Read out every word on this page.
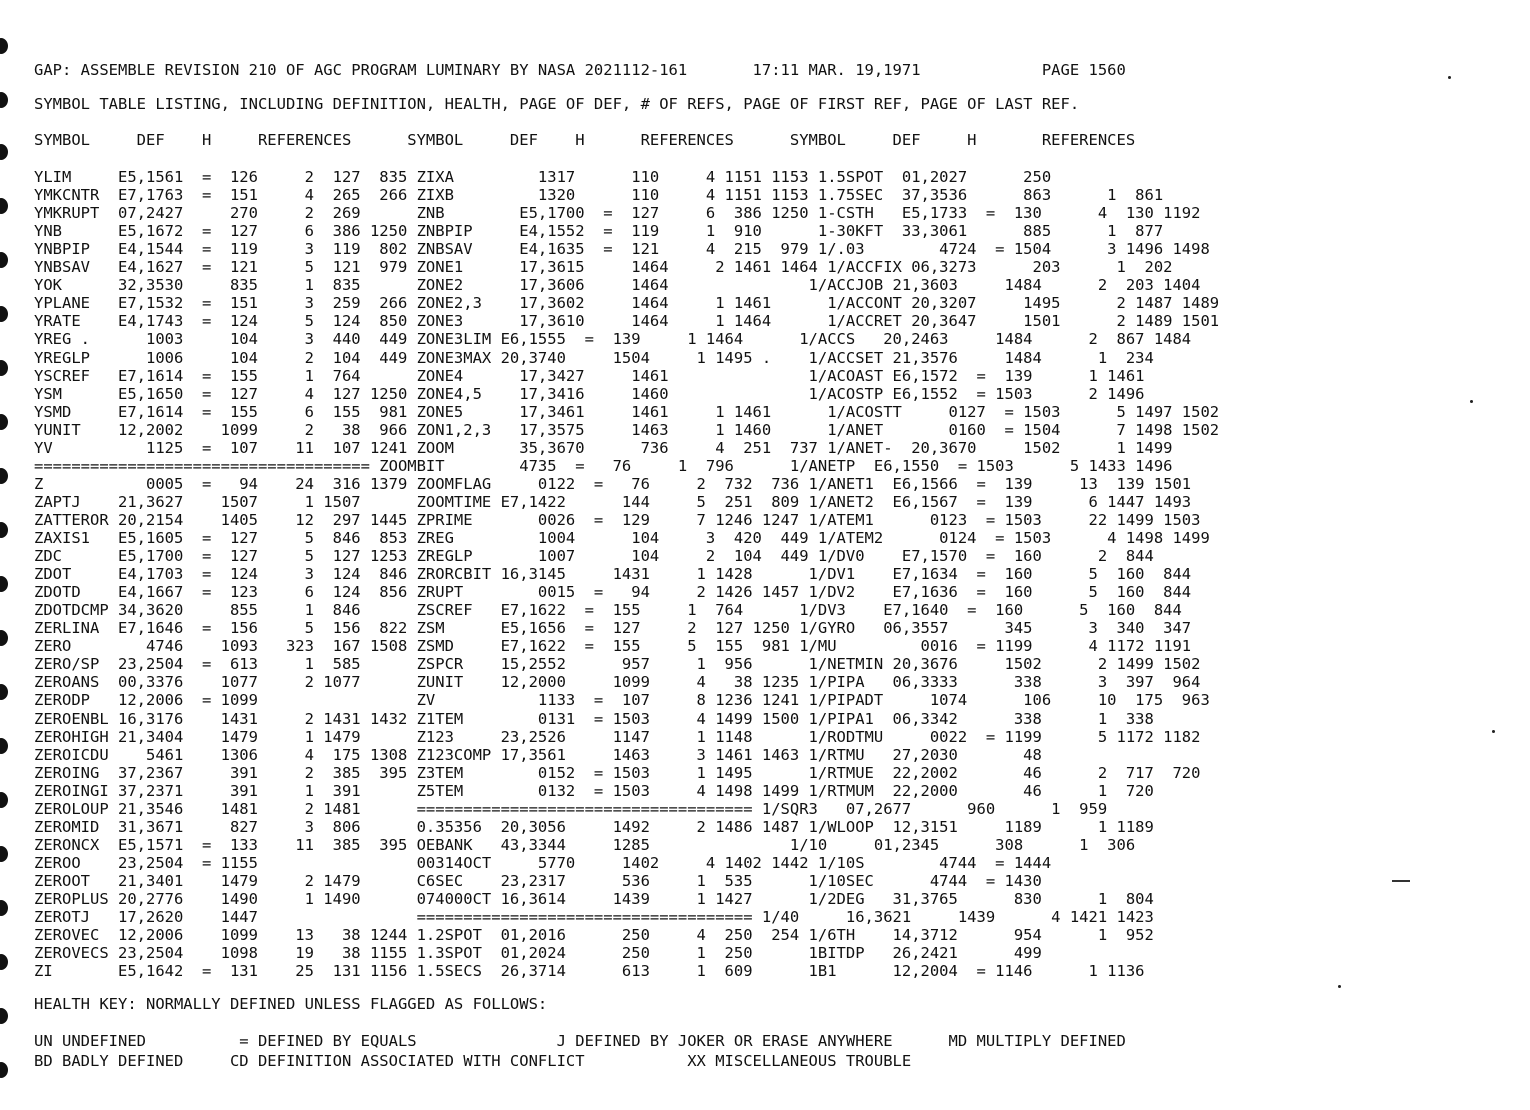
GAP: ASSEMBLE REVISION 210 OF AGC PROGRAM LUMINARY BY NASA 2021112-161       17:11 MAR. 19,1971             PAGE 1560
SYMBOL TABLE LISTING, INCLUDING DEFINITION, HEALTH, PAGE OF DEF, # OF REFS, PAGE OF FIRST REF, PAGE OF LAST REF.
SYMBOL     DEF    H     REFERENCES      SYMBOL     DEF    H      REFERENCES      SYMBOL     DEF     H       REFERENCES
YLIM     E5,1561  =  126     2  127  835 ZIXA         1317      110     4 1151 1153 1.5SPOT  01,2027      250
YMKCNTR  E7,1763  =  151     4  265  266 ZIXB         1320      110     4 1151 1153 1.75SEC  37,3536      863      1  861
YMKRUPT  07,2427     270     2  269      ZNB        E5,1700  =  127     6  386 1250 1-CSTH   E5,1733  =  130      4  130 1192
YNB      E5,1672  =  127     6  386 1250 ZNBPIP     E4,1552  =  119     1  910      1-30KFT  33,3061      885      1  877
YNBPIP   E4,1544  =  119     3  119  802 ZNBSAV     E4,1635  =  121     4  215  979 1/.03        4724  = 1504      3 1496 1498
YNBSAV   E4,1627  =  121     5  121  979 ZONE1      17,3615     1464     2 1461 1464 1/ACCFIX 06,3273      203      1  202
YOK      32,3530     835     1  835      ZONE2      17,3606     1464               1/ACCJOB 21,3603     1484      2  203 1404
YPLANE   E7,1532  =  151     3  259  266 ZONE2,3    17,3602     1464     1 1461      1/ACCONT 20,3207     1495      2 1487 1489
YRATE    E4,1743  =  124     5  124  850 ZONE3      17,3610     1464     1 1464      1/ACCRET 20,3647     1501      2 1489 1501
YREG .      1003     104     3  440  449 ZONE3LIM E6,1555  =  139     1 1464      1/ACCS   20,2463     1484      2  867 1484
YREGLP      1006     104     2  104  449 ZONE3MAX 20,3740     1504     1 1495 .    1/ACCSET 21,3576     1484      1  234
YSCREF   E7,1614  =  155     1  764      ZONE4      17,3427     1461               1/ACOAST E6,1572  =  139      1 1461
YSM      E5,1650  =  127     4  127 1250 ZONE4,5    17,3416     1460               1/ACOSTP E6,1552  = 1503      2 1496
YSMD     E7,1614  =  155     6  155  981 ZONE5      17,3461     1461     1 1461      1/ACOSTT     0127  = 1503      5 1497 1502
YUNIT    12,2002    1099     2   38  966 ZON1,2,3   17,3575     1463     1 1460      1/ANET       0160  = 1504      7 1498 1502
YV          1125  =  107    11  107 1241 ZOOM       35,3670      736     4  251  737 1/ANET-  20,3670     1502      1 1499
==================================== ZOOMBIT        4735  =   76     1  796      1/ANETP  E6,1550  = 1503      5 1433 1496
Z           0005  =   94    24  316 1379 ZOOMFLAG     0122  =   76     2  732  736 1/ANET1  E6,1566  =  139     13  139 1501
ZAPTJ    21,3627    1507     1 1507      ZOOMTIME E7,1422      144     5  251  809 1/ANET2  E6,1567  =  139      6 1447 1493
ZATTEROR 20,2154    1405    12  297 1445 ZPRIME       0026  =  129     7 1246 1247 1/ATEM1      0123  = 1503     22 1499 1503
ZAXIS1   E5,1605  =  127     5  846  853 ZREG         1004      104     3  420  449 1/ATEM2      0124  = 1503      4 1498 1499
ZDC      E5,1700  =  127     5  127 1253 ZREGLP       1007      104     2  104  449 1/DV0    E7,1570  =  160      2  844
ZDOT     E4,1703  =  124     3  124  846 ZRORCBIT 16,3145     1431     1 1428      1/DV1    E7,1634  =  160      5  160  844
ZDOTD    E4,1667  =  123     6  124  856 ZRUPT        0015  =   94     2 1426 1457 1/DV2    E7,1636  =  160      5  160  844
ZDOTDCMP 34,3620     855     1  846      ZSCREF   E7,1622  =  155     1  764      1/DV3    E7,1640  =  160      5  160  844
ZERLINA  E7,1646  =  156     5  156  822 ZSM      E5,1656  =  127     2  127 1250 1/GYRO   06,3557      345      3  340  347
ZERO        4746    1093   323  167 1508 ZSMD     E7,1622  =  155     5  155  981 1/MU         0016  = 1199      4 1172 1191
ZERO/SP  23,2504  =  613     1  585      ZSPCR    15,2552      957     1  956      1/NETMIN 20,3676     1502      2 1499 1502
ZEROANS  00,3376    1077     2 1077      ZUNIT    12,2000     1099     4   38 1235 1/PIPA   06,3333      338      3  397  964
ZERODP   12,2006  = 1099                 ZV           1133  =  107     8 1236 1241 1/PIPADT     1074      106     10  175  963
ZEROENBL 16,3176    1431     2 1431 1432 Z1TEM        0131  = 1503     4 1499 1500 1/PIPA1  06,3342      338      1  338
ZEROHIGH 21,3404    1479     1 1479      Z123     23,2526     1147     1 1148      1/RODTMU     0022  = 1199      5 1172 1182
ZEROICDU    5461    1306     4  175 1308 Z123COMP 17,3561     1463     3 1461 1463 1/RTMU   27,2030       48
ZEROING  37,2367     391     2  385  395 Z3TEM        0152  = 1503     1 1495      1/RTMUE  22,2002       46      2  717  720
ZEROINGI 37,2371     391     1  391      Z5TEM        0132  = 1503     4 1498 1499 1/RTMUM  22,2000       46      1  720
ZEROLOUP 21,3546    1481     2 1481      ==================================== 1/SQR3   07,2677      960      1  959
ZEROMID  31,3671     827     3  806      0.35356  20,3056     1492     2 1486 1487 1/WLOOP  12,3151     1189      1 1189
ZERONCX  E5,1571  =  133    11  385  395 OEBANK   43,3344     1285               1/10     01,2345      308      1  306
ZEROO    23,2504  = 1155                 00314OCT     5770     1402     4 1402 1442 1/10S        4744  = 1444
ZEROOT   21,3401    1479     2 1479      C6SEC    23,2317      536     1  535      1/10SEC      4744  = 1430
ZEROPLUS 20,2776    1490     1 1490      074000CT 16,3614     1439     1 1427      1/2DEG   31,3765      830      1  804
ZEROTJ   17,2620    1447                 ==================================== 1/40     16,3621     1439      4 1421 1423
ZEROVEC  12,2006    1099    13   38 1244 1.2SPOT  01,2016      250     4  250  254 1/6TH    14,3712      954      1  952
ZEROVECS 23,2504    1098    19   38 1155 1.3SPOT  01,2024      250     1  250      1BITDP   26,2421      499
ZI       E5,1642  =  131    25  131 1156 1.5SECS  26,3714      613     1  609      1B1      12,2004  = 1146      1 1136
HEALTH KEY: NORMALLY DEFINED UNLESS FLAGGED AS FOLLOWS:
UN UNDEFINED          = DEFINED BY EQUALS               J DEFINED BY JOKER OR ERASE ANYWHERE      MD MULTIPLY DEFINED
BD BADLY DEFINED     CD DEFINITION ASSOCIATED WITH CONFLICT           XX MISCELLANEOUS TROUBLE
